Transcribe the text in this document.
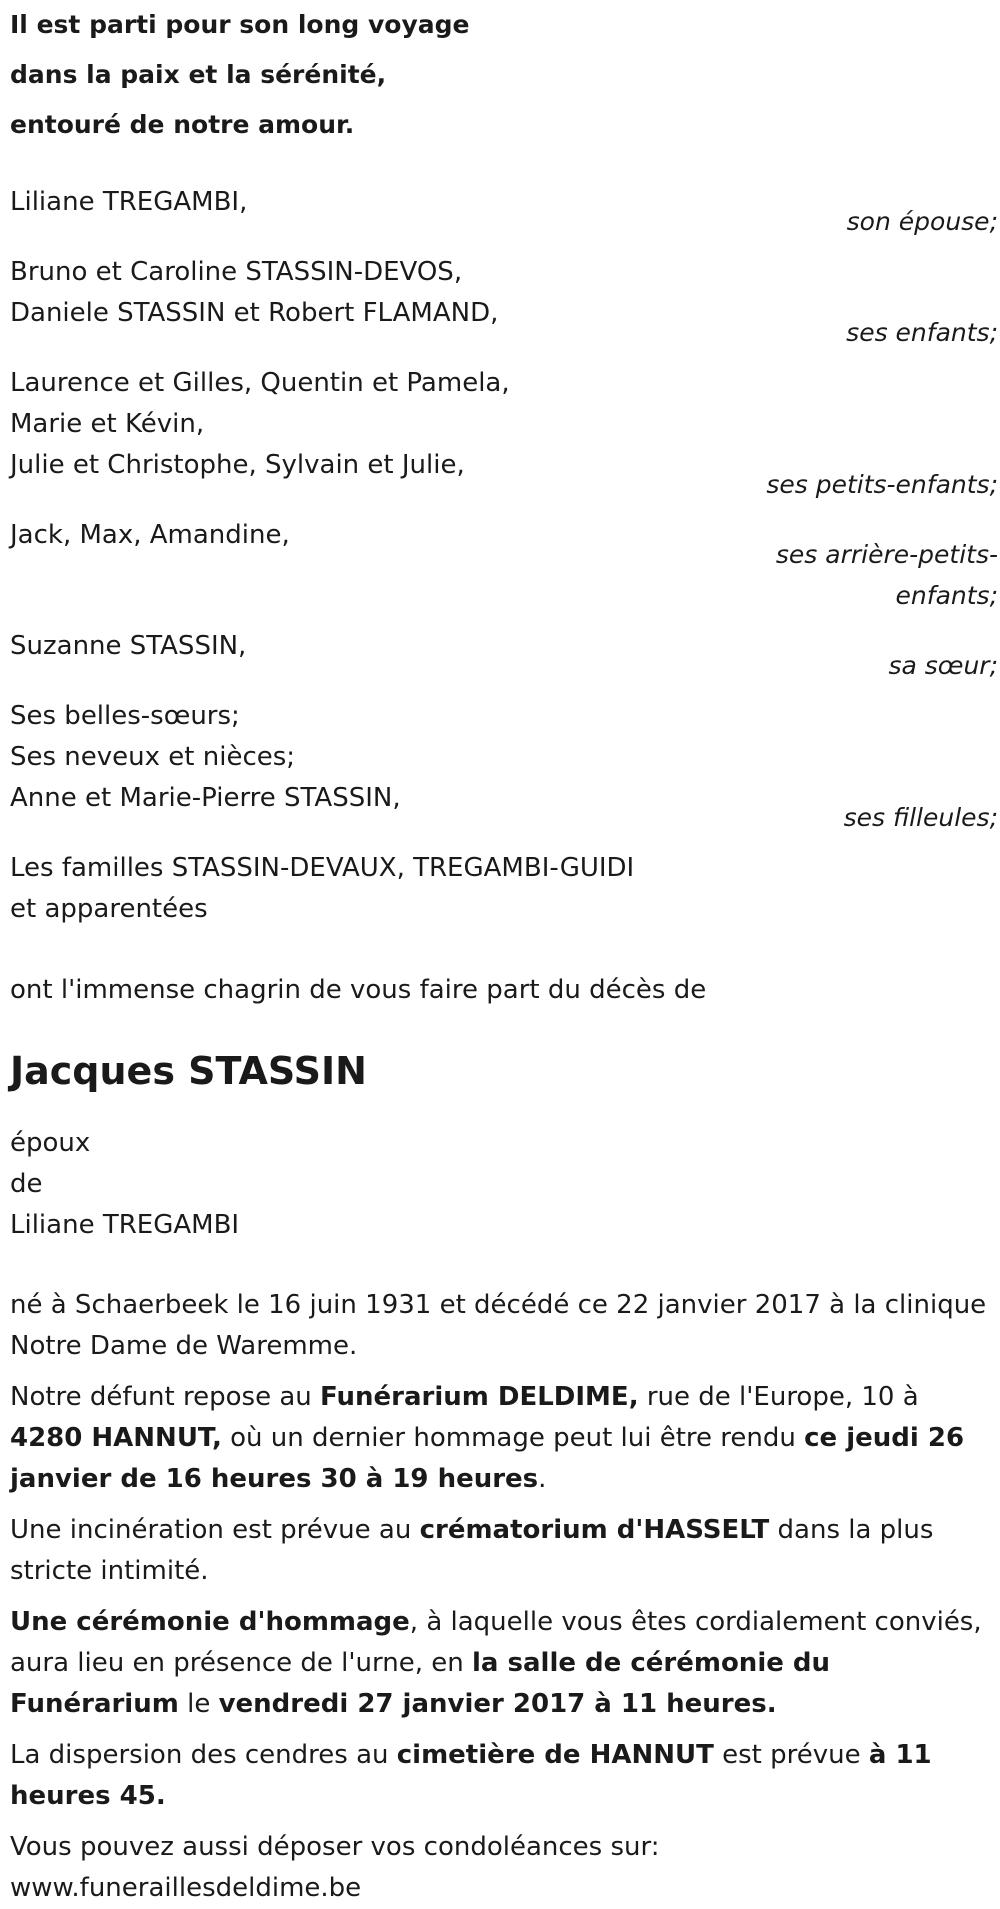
Il est parti pour son long voyage
dans la paix et la sérénité,
entouré de notre amour.
Liliane TREGAMBI,
son épouse;
Bruno et Caroline STASSIN-DEVOS,
Daniele STASSIN et Robert FLAMAND,
ses enfants;
Laurence et Gilles, Quentin et Pamela,
Marie et Kévin,
Julie et Christophe, Sylvain et Julie,
ses petits-enfants;
Jack, Max, Amandine,
ses arrière-petits-
enfants;
Suzanne STASSIN,
sa sœur;
Ses belles-sœurs;
Ses neveux et nièces;
Anne et Marie-Pierre STASSIN,
ses filleules;
Les familles STASSIN-DEVAUX, TREGAMBI-GUIDI
et apparentées
ont l'immense chagrin de vous faire part du décès de
Jacques STASSIN
époux
de
Liliane TREGAMBI

né à Schaerbeek le 16 juin 1931 et décédé ce 22 janvier 2017 à la clinique Notre Dame de Waremme.

Notre défunt repose au Funérarium DELDIME, rue de l'Europe, 10 à 4280 HANNUT, où un dernier hommage peut lui être rendu ce jeudi 26 janvier de 16 heures 30 à 19 heures.

Une incinération est prévue au crématorium d'HASSELT dans la plus stricte intimité.

Une cérémonie d'hommage, à laquelle vous êtes cordialement conviés, aura lieu en présence de l'urne, en la salle de cérémonie du Funérarium le vendredi 27 janvier 2017 à 11 heures.

La dispersion des cendres au cimetière de HANNUT est prévue à 11 heures 45.

Vous pouvez aussi déposer vos condoléances sur:
www.funeraillesdeldime.be
